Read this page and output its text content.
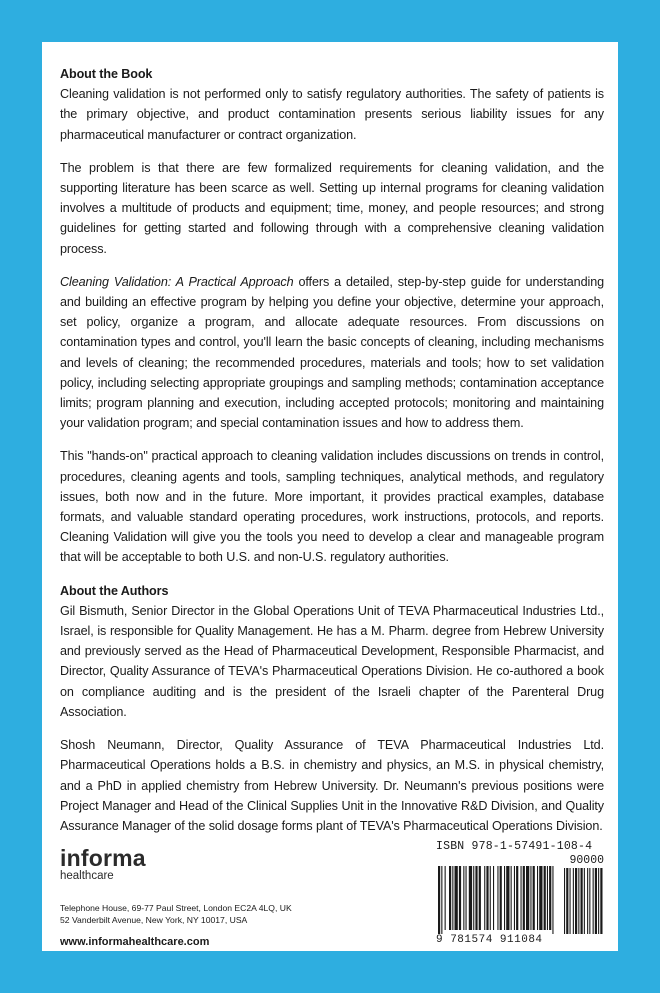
About the Book

Cleaning validation is not performed only to satisfy regulatory authorities. The safety of patients is the primary objective, and product contamination presents serious liability issues for any pharmaceutical manufacturer or contract organization.

The problem is that there are few formalized requirements for cleaning validation, and the supporting literature has been scarce as well. Setting up internal programs for cleaning validation involves a multitude of products and equipment; time, money, and people resources; and strong guidelines for getting started and following through with a comprehensive cleaning validation process.

Cleaning Validation: A Practical Approach offers a detailed, step-by-step guide for understanding and building an effective program by helping you define your objective, determine your approach, set policy, organize a program, and allocate adequate resources. From discussions on contamination types and control, you'll learn the basic concepts of cleaning, including mechanisms and levels of cleaning; the recommended procedures, materials and tools; how to set validation policy, including selecting appropriate groupings and sampling methods; contamination acceptance limits; program planning and execution, including accepted protocols; monitoring and maintaining your validation program; and special contamination issues and how to address them.

This "hands-on" practical approach to cleaning validation includes discussions on trends in control, procedures, cleaning agents and tools, sampling techniques, analytical methods, and regulatory issues, both now and in the future. More important, it provides practical examples, database formats, and valuable standard operating procedures, work instructions, protocols, and reports. Cleaning Validation will give you the tools you need to develop a clear and manageable program that will be acceptable to both U.S. and non-U.S. regulatory authorities.

About the Authors

Gil Bismuth, Senior Director in the Global Operations Unit of TEVA Pharmaceutical Industries Ltd., Israel, is responsible for Quality Management. He has a M. Pharm. degree from Hebrew University and previously served as the Head of Pharmaceutical Development, Responsible Pharmacist, and Director, Quality Assurance of TEVA's Pharmaceutical Operations Division. He co-authored a book on compliance auditing and is the president of the Israeli chapter of the Parenteral Drug Association.

Shosh Neumann, Director, Quality Assurance of TEVA Pharmaceutical Industries Ltd. Pharmaceutical Operations holds a B.S. in chemistry and physics, an M.S. in physical chemistry, and a PhD in applied chemistry from Hebrew University. Dr. Neumann's previous positions were Project Manager and Head of the Clinical Supplies Unit in the Innovative R&D Division, and Quality Assurance Manager of the solid dosage forms plant of TEVA's Pharmaceutical Operations Division.

informa
healthcare
Telephone House, 69-77 Paul Street, London EC2A 4LQ, UK
52 Vanderbilt Avenue, New York, NY 10017, USA
www.informahealthcare.com
ISBN 978-1-57491-108-4
90000
9 781574 911084
